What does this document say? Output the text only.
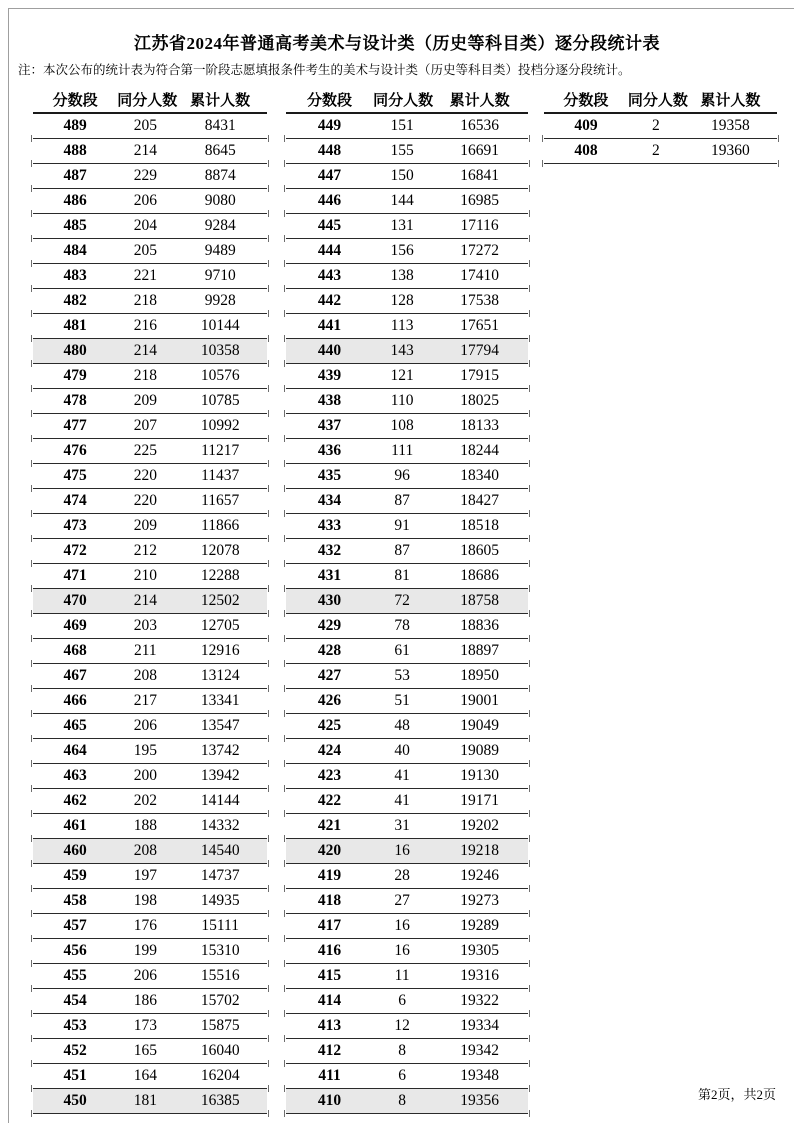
江苏省2024年普通高考美术与设计类（历史等科目类）逐分段统计表
注：本次公布的统计表为符合第一阶段志愿填报条件考生的美术与设计类（历史等科目类）投档分逐分段统计。
分数段	同分人数 累计人数
489	205	8431
488	214	8645
487	229	8874
486	206	9080
485	204	9284
484	205	9489
483	221	9710
482	218	9928
481	216	10144
480	214	10358
479	218	10576
478	209	10785
477	207	10992
476	225	11217
475	220	11437
474	220	11657
473	209	11866
472	212	12078
471	210	12288
470	214	12502
469	203	12705
468	211	12916
467	208	13124
466	217	13341
465	206	13547
464	195	13742
463	200	13942
462	202	14144
461	188	14332
460	208	14540
459	197	14737
458	198	14935
457	176	15111
456	199	15310
455	206	15516
454	186	15702
453	173	15875
452	165	16040
451	164	16204
450	181	16385
分数段	同分人数	累计人数
449	151	16536
448	155	16691
447	150	16841
446	144	16985
445	131	17116
444	156	17272
443	138	17410
442	128	17538
441	113	17651
440	143	17794
439	121	17915
438	110	18025
437	108	18133
436	111	18244
435	96	18340
434	87	18427
433	91	18518
432	87	18605
431	81	18686
430	72	18758
429	78	18836
428	61	18897
427	53	18950
426	51	19001
425	48	19049
424	40	19089
423	41	19130
422	41	19171
421	31	19202
420	16	19218
419	28	19246
418	27	19273
417	16	19289
416	16	19305
415	11	19316
414	6	19322
413	12	19334
412	8	19342
411	6	19348
410	8	19356
分数段	同分人数 累计人数
409	2	19358
408	2	19360
第2页，共2页
